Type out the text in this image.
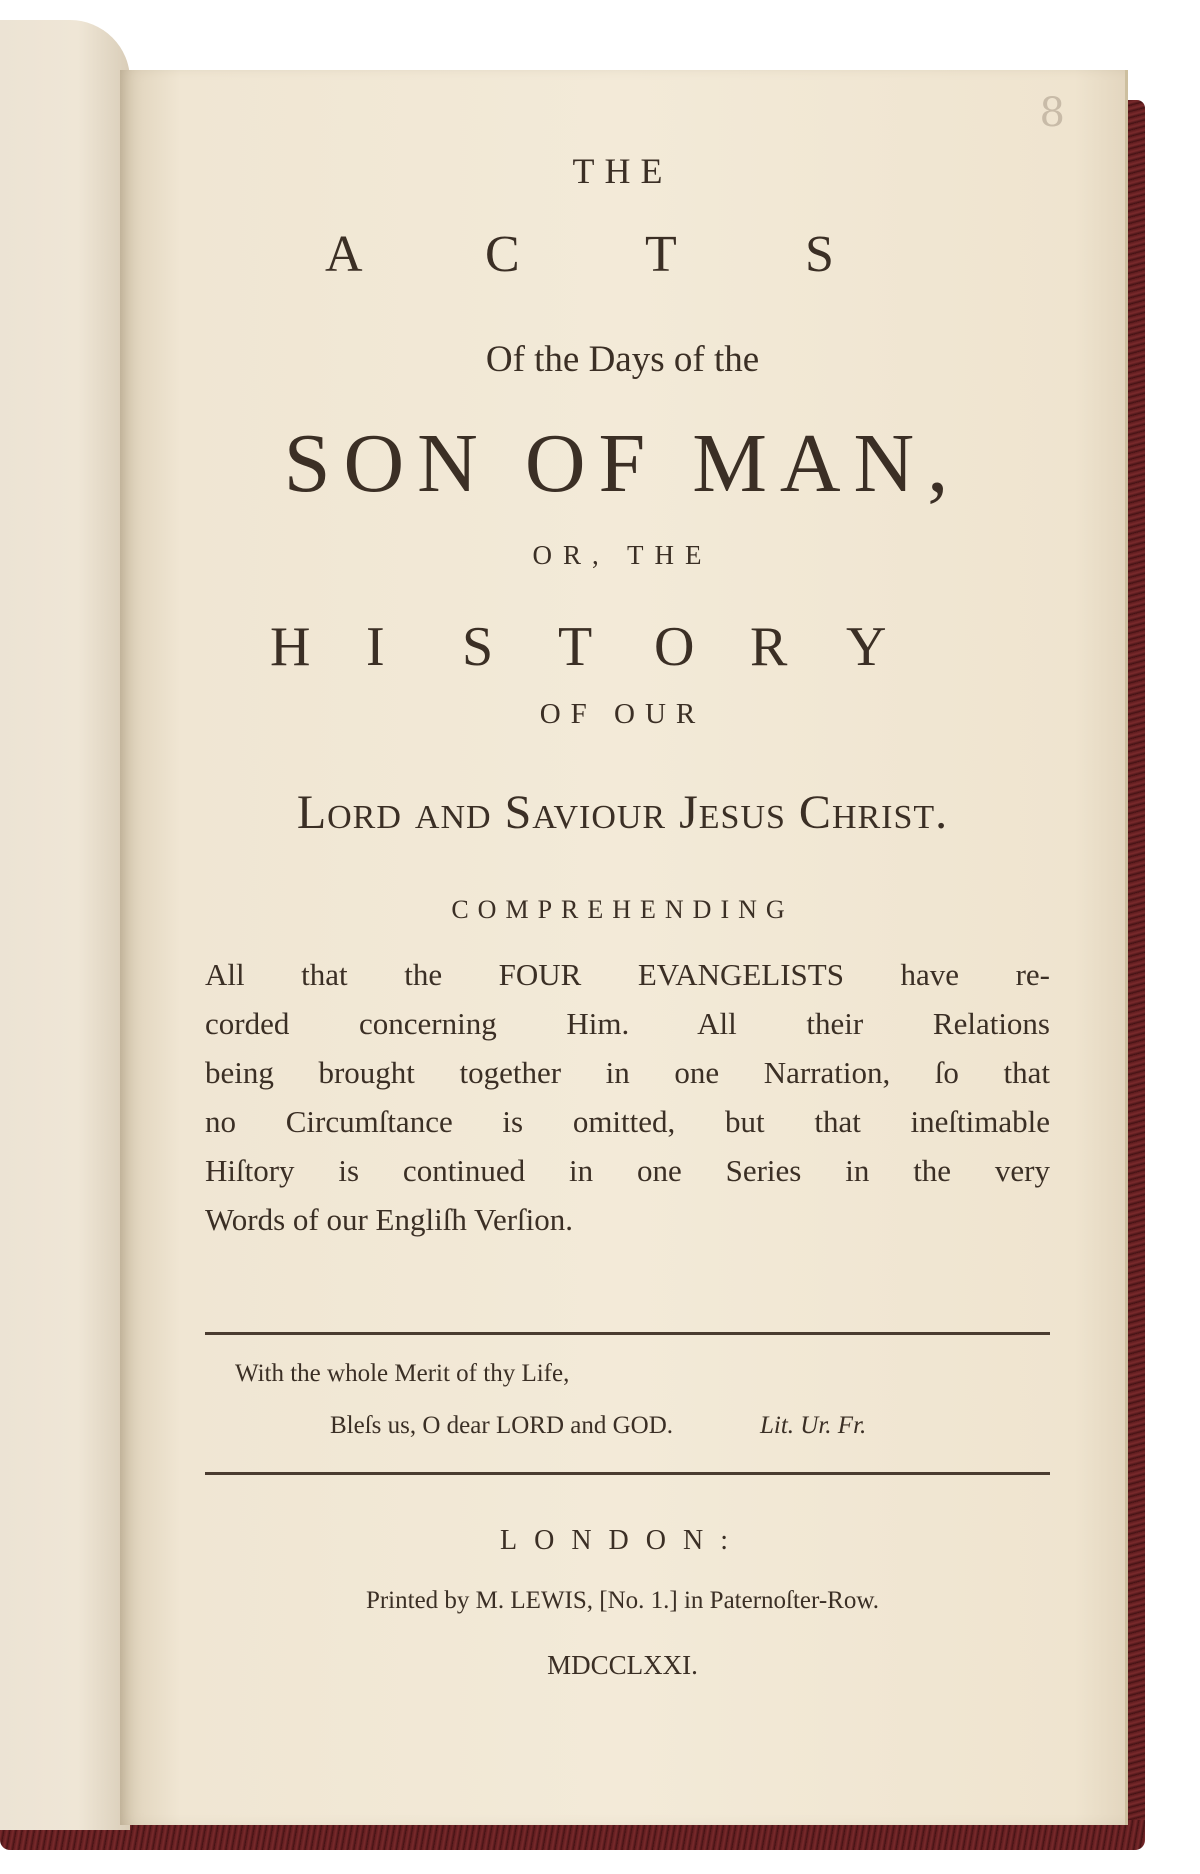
8
THE
A C T S
Of the Days of the
SON OF MAN,
OR, THE
H I S T O R Y
OF OUR
Lord and Saviour Jesus Christ.
COMPREHENDING
All that the FOUR EVANGELISTS have re-
corded concerning Him. All their Relations
being brought together in one Narration, ſo that
no Circumſtance is omitted, but that ineſtimable
Hiſtory is continued in one Series in the very
Words of our Engliſh Verſion.
With the whole Merit of thy Life,
Bleſs us, O dear LORD and GOD.	Lit. Ur. Fr.
LONDON:
Printed by M. LEWIS, [No. 1.] in Paternoſter-Row.
MDCCLXXI.
